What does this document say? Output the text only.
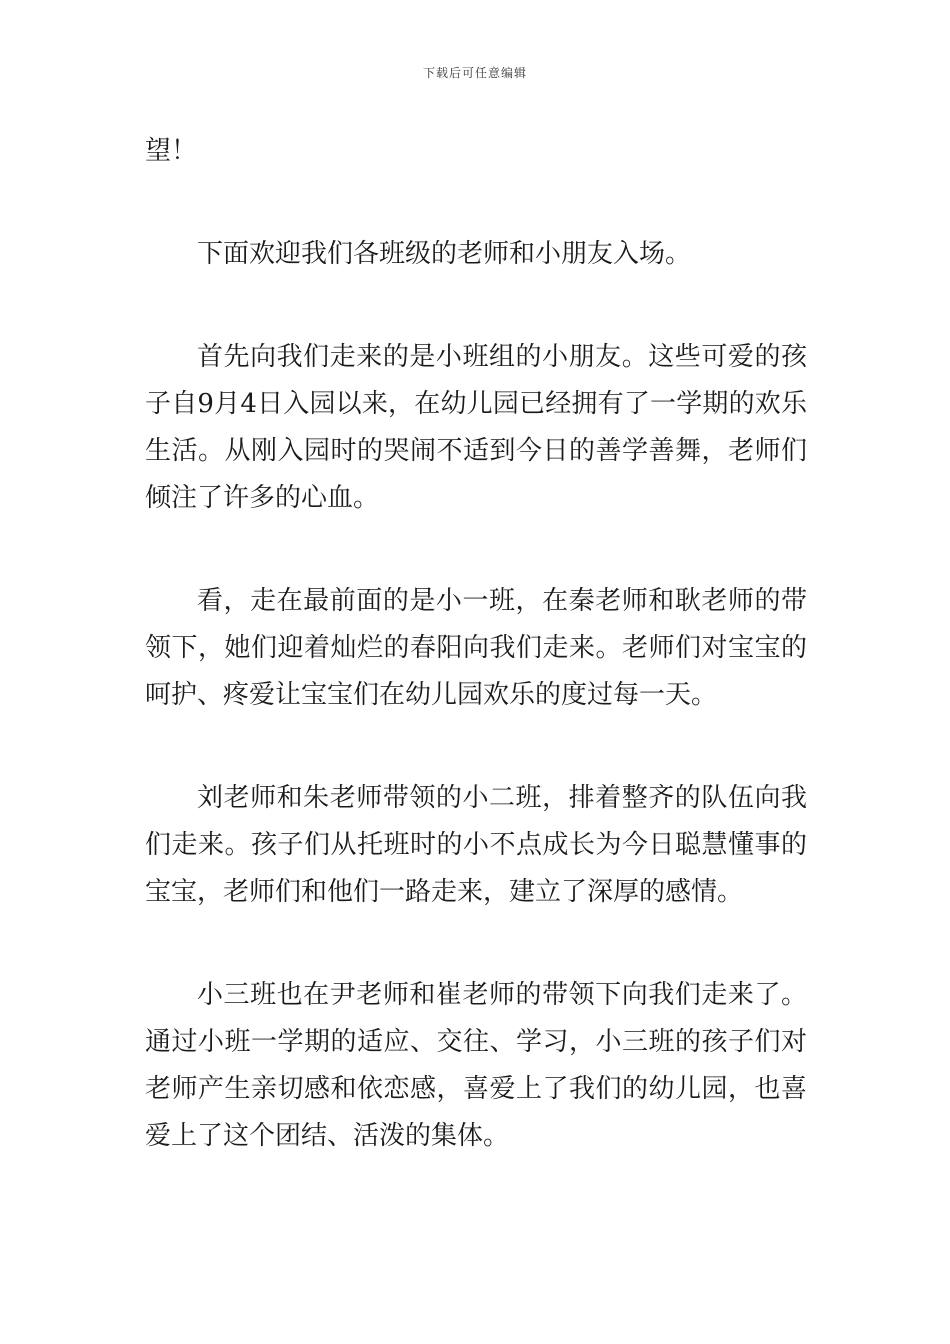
下载后可任意编辑

望！

下面欢迎我们各班级的老师和小朋友入场。

首先向我们走来的是小班组的小朋友。这些可爱的孩子自9月4日入园以来，在幼儿园已经拥有了一学期的欢乐生活。从刚入园时的哭闹不适到今日的善学善舞，老师们倾注了许多的心血。

看，走在最前面的是小一班，在秦老师和耿老师的带领下，她们迎着灿烂的春阳向我们走来。老师们对宝宝的呵护、疼爱让宝宝们在幼儿园欢乐的度过每一天。

刘老师和朱老师带领的小二班，排着整齐的队伍向我们走来。孩子们从托班时的小不点成长为今日聪慧懂事的宝宝，老师们和他们一路走来，建立了深厚的感情。

小三班也在尹老师和崔老师的带领下向我们走来了。通过小班一学期的适应、交往、学习，小三班的孩子们对老师产生亲切感和依恋感，喜爱上了我们的幼儿园，也喜爱上了这个团结、活泼的集体。
